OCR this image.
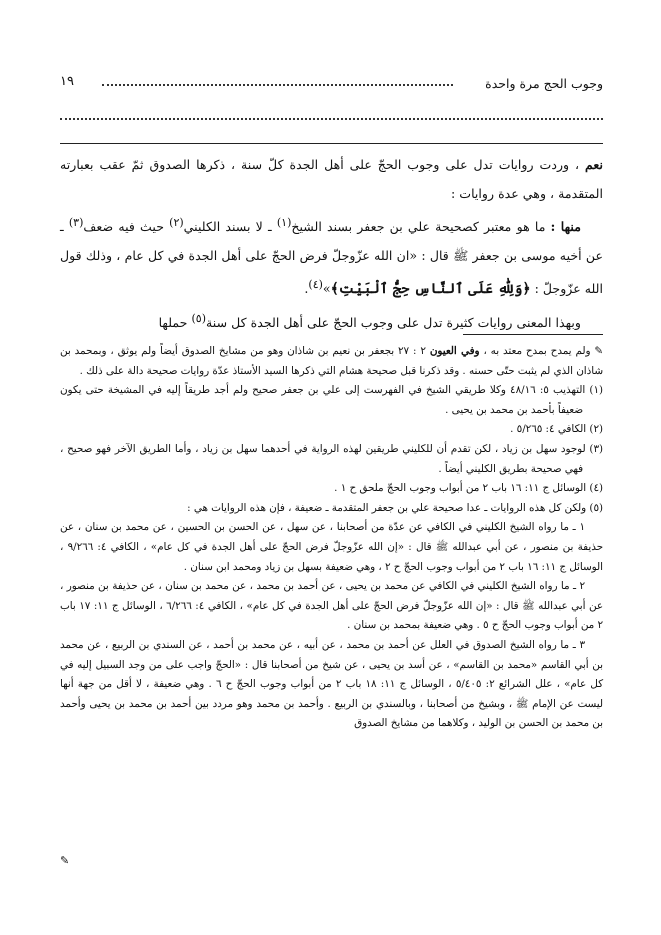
وجوب الحج مرة واحدة
١٩

نعم ، وردت روايات تدل على وجوب الحجّ على أهل الجدة كلّ سنة ، ذكرها الصدوق ثمّ عقب بعبارته المتقدمة ، وهي عدة روايات :

منها : ما هو معتبر كصحيحة علي بن جعفر بسند الشيخ$^{(١)}$ ـ لا بسند الكليني$^{(٢)}$ حيث فيه ضعف$^{(٣)}$ ـ عن أخيه موسى بن جعفر ﷺ قال : «ان الله عزّوجلّ فرض الحجّ على أهل الجدة في كل عام ، وذلك قول الله عزّوجلّ : ﴿وَلِلّٰهِ عَلَى ٱلنَّاسِ حِجُّ ٱلْبَيْتِ﴾»$^{(٤)}$.

وبهذا المعنى روايات كثيرة تدل على وجوب الحجّ على أهل الجدة كل سنة$^{(٥)}$ حملها

✎ ولم يمدح بمدح معتد به ، وفي العيون ٢ : ٢٧ بجعفر بن نعيم بن شاذان وهو من مشايخ الصدوق أيضاً ولم يوثق ، وبمحمد بن شاذان الذي لم يثبت حتّى حسنه . وقد ذكرنا قبل صحيحة هشام التي ذكرها السيد الأستاذ عدّة روايات صحيحة دالة على ذلك .

(١) التهذيب ٥: ٤٨/١٦ وكلا طريقي الشيخ في الفهرست إلى علي بن جعفر صحيح ولم أجد طريقاً إليه في المشيخة حتى يكون ضعيفاً بأحمد بن محمد بن يحيى .

(٢) الكافي ٤: ٥/٢٦٥ .

(٣) لوجود سهل بن زياد ، لكن تقدم أن للكليني طريقين لهذه الرواية في أحدهما سهل بن زياد ، وأما الطريق الآخر فهو صحيح ، فهي صحيحة بطريق الكليني أيضاً .

(٤) الوسائل ج ١١: ١٦ باب ٢ من أبواب وجوب الحجّ ملحق ح ١ .

(٥) ولكن كل هذه الروايات ـ عدا صحيحة علي بن جعفر المتقدمة ـ ضعيفة ، فإن هذه الروايات هي :

١ ـ ما رواه الشيخ الكليني في الكافي عن عدّة من أصحابنا ، عن سهل ، عن الحسن بن الحسين ، عن محمد بن سنان ، عن حذيفة بن منصور ، عن أبي عبدالله ﷺ قال : «إن الله عزّوجلّ فرض الحجّ على أهل الجدة في كل عام» ، الكافي ٤: ٩/٢٦٦ ، الوسائل ج ١١: ١٦ باب ٢ من أبواب وجوب الحجّ ح ٢ ، وهي ضعيفة بسهل بن زياد ومحمد ابن سنان .

٢ ـ ما رواه الشيخ الكليني في الكافي عن محمد بن يحيى ، عن أحمد بن محمد ، عن محمد بن سنان ، عن حذيفة بن منصور ، عن أبي عبدالله ﷺ قال : «إن الله عزّوجلّ فرض الحجّ على أهل الجدة في كل عام» ، الكافي ٤: ٦/٢٦٦ ، الوسائل ج ١١: ١٧ باب ٢ من أبواب وجوب الحجّ ح ٥ . وهي ضعيفة بمحمد بن سنان .

٣ ـ ما رواه الشيخ الصدوق في العلل عن أحمد بن محمد ، عن أبيه ، عن محمد بن أحمد ، عن السندي بن الربيع ، عن محمد بن أبي القاسم «محمد بن القاسم» ، عن أسد بن يحيى ، عن شيخ من أصحابنا قال : «الحجّ واجب على من وجد السبيل إليه في كل عام» ، علل الشرائع ٢: ٥/٤٠٥ ، الوسائل ج ١١: ١٨ باب ٢ من أبواب وجوب الحجّ ح ٦ . وهي ضعيفة ، لا أقل من جهة أنها ليست عن الإمام ﷺ ، وبشيخ من أصحابنا ، وبالسندي بن الربيع . وأحمد بن محمد وهو مردد بين أحمد بن محمد بن يحيى وأحمد بن محمد بن الحسن بن الوليد ، وكلاهما من مشايخ الصدوق

✎
